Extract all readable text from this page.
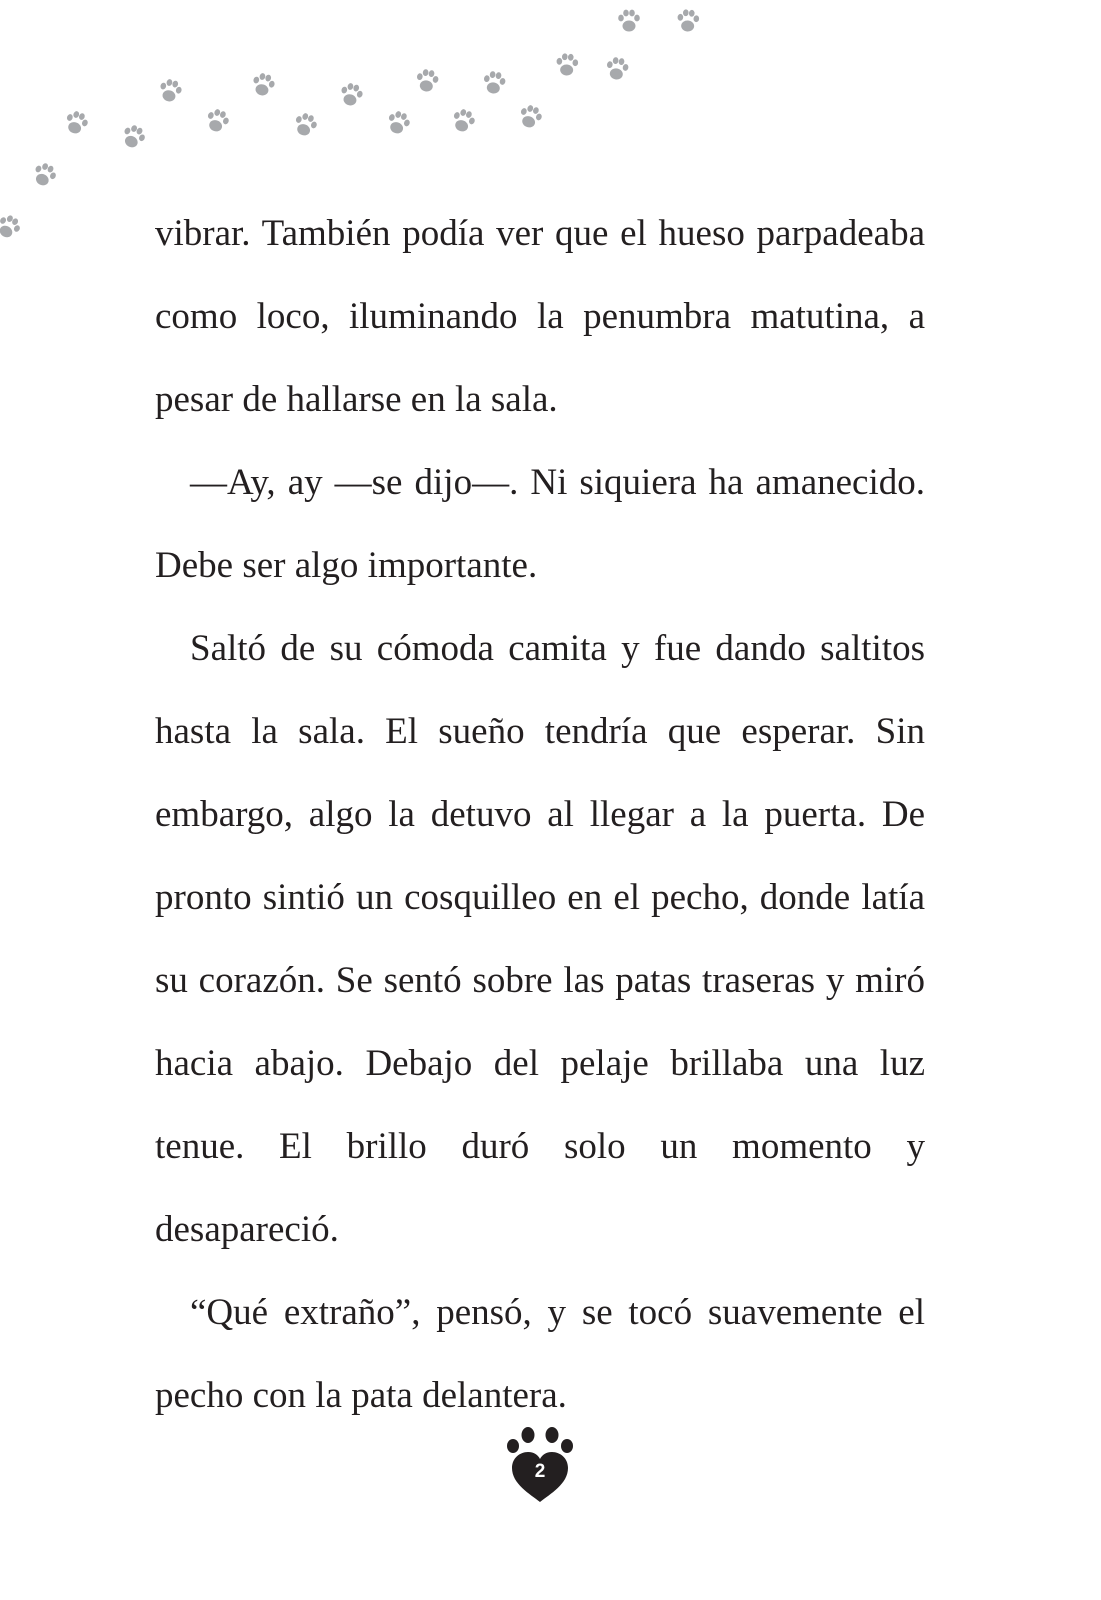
vibrar. También podía ver que el hueso parpadeaba como loco, iluminando la penumbra matutina, a pesar de hallarse en la sala.

—Ay, ay —se dijo—. Ni siquiera ha amanecido. Debe ser algo importante.

Saltó de su cómoda camita y fue dando saltitos hasta la sala. El sueño tendría que esperar. Sin embargo, algo la detuvo al llegar a la puerta. De pronto sintió un cosquilleo en el pecho, donde latía su corazón. Se sentó sobre las patas traseras y miró hacia abajo. Debajo del pelaje brillaba una luz tenue. El brillo duró solo un momento y desapareció.

“Qué extraño”, pensó, y se tocó suavemente el pecho con la pata delantera.

2
